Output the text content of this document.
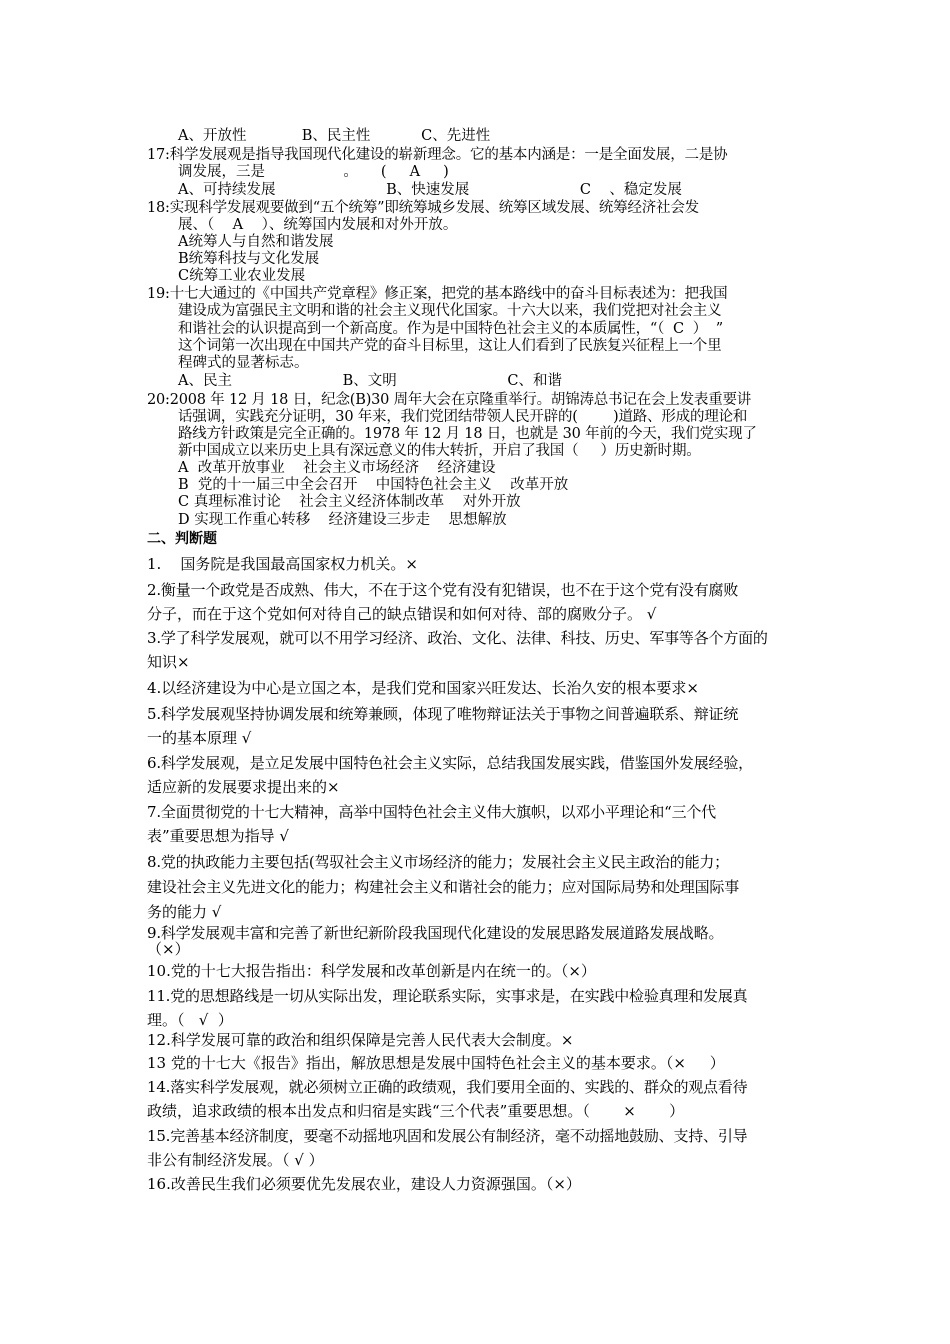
A、开放性            B、民主性           C、先进性
17:科学发展观是指导我国现代化建设的崭新理念。它的基本内涵是：一是全面发展，二是协
调发展，三是                 。     (     A     )
A、可持续发展                        B、快速发展                        C    、稳定发展
18:实现科学发展观要做到“五个统筹”即统筹城乡发展、统筹区域发展、统筹经济社会发
展、（    A    ）、统筹国内发展和对外开放。
A统筹人与自然和谐发展
B统筹科技与文化发展
C统筹工业农业发展
19:十七大通过的《中国共产党章程》修正案，把党的基本路线中的奋斗目标表述为：把我国
建设成为富强民主文明和谐的社会主义现代化国家。十六大以来，我们党把对社会主义
和谐社会的认识提高到一个新高度。作为是中国特色社会主义的本质属性，“（  C  ）  ”
这个词第一次出现在中国共产党的奋斗目标里，这让人们看到了民族复兴征程上一个里
程碑式的显著标志。
A、民主                        B、文明                        C、和谐
20:2008 年 12 月 18 日，纪念(B)30 周年大会在京隆重举行。胡锦涛总书记在会上发表重要讲
话强调，实践充分证明，30 年来，我们党团结带领人民开辟的(        )道路、形成的理论和
路线方针政策是完全正确的。1978 年 12 月 18 日，也就是 30 年前的今天，我们党实现了
新中国成立以来历史上具有深远意义的伟大转折，开启了我国（     ）历史新时期。
A  改革开放事业    社会主义市场经济    经济建设
B  党的十一届三中全会召开    中国特色社会主义    改革开放
C 真理标准讨论    社会主义经济体制改革    对外开放
D 实现工作重心转移    经济建设三步走    思想解放
二、判断题
1.    国务院是我国最高国家权力机关。×
2.衡量一个政党是否成熟、伟大，不在于这个党有没有犯错误，也不在于这个党有没有腐败
分子，而在于这个党如何对待自己的缺点错误和如何对待、部的腐败分子。 √
3.学了科学发展观，就可以不用学习经济、政治、文化、法律、科技、历史、军事等各个方面的
知识×
4.以经济建设为中心是立国之本，是我们党和国家兴旺发达、长治久安的根本要求×
5.科学发展观坚持协调发展和统筹兼顾，体现了唯物辩证法关于事物之间普遍联系、辩证统
一的基本原理 √
6.科学发展观，是立足发展中国特色社会主义实际，总结我国发展实践，借鉴国外发展经验，
适应新的发展要求提出来的×
7.全面贯彻党的十七大精神，高举中国特色社会主义伟大旗帜，以邓小平理论和“三个代
表”重要思想为指导 √
8.党的执政能力主要包括(驾驭社会主义市场经济的能力；发展社会主义民主政治的能力；
建设社会主义先进文化的能力；构建社会主义和谐社会的能力；应对国际局势和处理国际事
务的能力 √
9.科学发展观丰富和完善了新世纪新阶段我国现代化建设的发展思路发展道路发展战略。
（×）
10.党的十七大报告指出：科学发展和改革创新是内在统一的。（×）
11.党的思想路线是一切从实际出发，理论联系实际，实事求是，在实践中检验真理和发展真
理。（   √  ）
12.科学发展可靠的政治和组织保障是完善人民代表大会制度。×
13 党的十七大《报告》指出，解放思想是发展中国特色社会主义的基本要求。（×     ）
14.落实科学发展观，就必须树立正确的政绩观，我们要用全面的、实践的、群众的观点看待
政绩，追求政绩的根本出发点和归宿是实践“三个代表”重要思想。（       ×       ）
15.完善基本经济制度，要毫不动摇地巩固和发展公有制经济，毫不动摇地鼓励、支持、引导
非公有制经济发展。（ √ ）
16.改善民生我们必须要优先发展农业，建设人力资源强国。（×）
